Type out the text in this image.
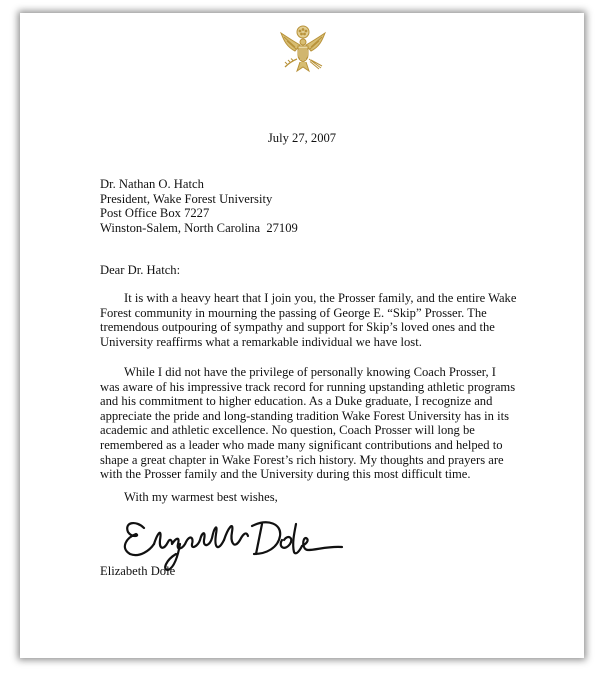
July 27, 2007

Dr. Nathan O. Hatch
President, Wake Forest University
Post Office Box 7227
Winston-Salem, North Carolina  27109

Dear Dr. Hatch:

It is with a heavy heart that I join you, the Prosser family, and the entire Wake Forest community in mourning the passing of George E. “Skip” Prosser. The tremendous outpouring of sympathy and support for Skip’s loved ones and the University reaffirms what a remarkable individual we have lost.

While I did not have the privilege of personally knowing Coach Prosser, I was aware of his impressive track record for running upstanding athletic programs and his commitment to higher education. As a Duke graduate, I recognize and appreciate the pride and long-standing tradition Wake Forest University has in its academic and athletic excellence. No question, Coach Prosser will long be remembered as a leader who made many significant contributions and helped to shape a great chapter in Wake Forest’s rich history. My thoughts and prayers are with the Prosser family and the University during this most difficult time.

With my warmest best wishes,

Elizabeth Dole
